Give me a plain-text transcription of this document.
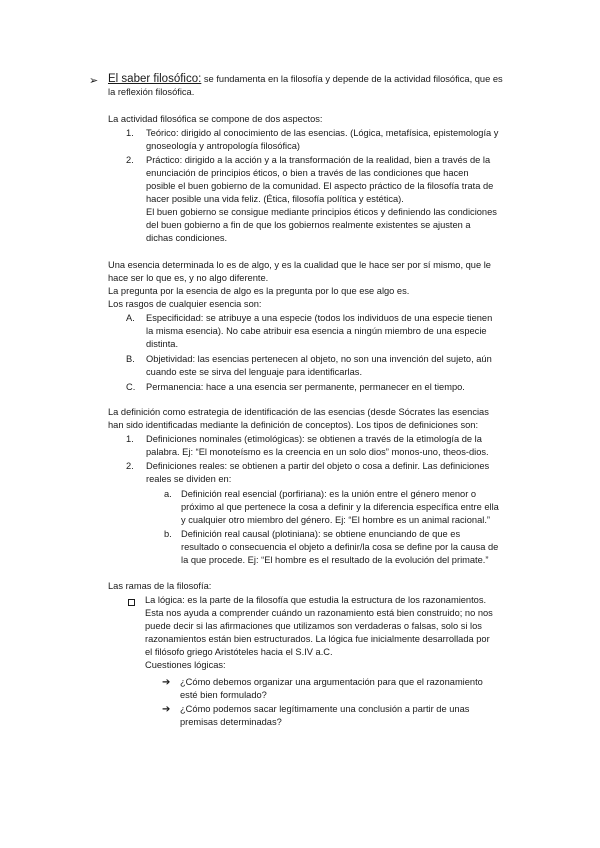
➢ El saber filosófico: se fundamenta en la filosofía y depende de la actividad filosófica, que es

la reflexión filosófica.

La actividad filosófica se compone de dos aspectos:

1. Teórico: dirigido al conocimiento de las esencias. (Lógica, metafísica, epistemología y

gnoseología y antropología filosófica)

2. Práctico: dirigido a la acción y a la transformación de la realidad, bien a través de la

enunciación de principios éticos, o bien a través de las condiciones que hacen

posible el buen gobierno de la comunidad. El aspecto práctico de la filosofía trata de

hacer posible una vida feliz. (Ética, filosofía política y estética).

El buen gobierno se consigue mediante principios éticos y definiendo las condiciones

del buen gobierno a fin de que los gobiernos realmente existentes se ajusten a

dichas condiciones.

Una esencia determinada lo es de algo, y es la cualidad que le hace ser por sí mismo, que le

hace ser lo que es, y no algo diferente.

La pregunta por la esencia de algo es la pregunta por lo que ese algo es.

Los rasgos de cualquier esencia son:

A. Especificidad: se atribuye a una especie (todos los individuos de una especie tienen

la misma esencia). No cabe atribuir esa esencia a ningún miembro de una especie

distinta.

B. Objetividad: las esencias pertenecen al objeto, no son una invención del sujeto, aún

cuando este se sirva del lenguaje para identificarlas.

C. Permanencia: hace a una esencia ser permanente, permanecer en el tiempo.

La definición como estrategia de identificación de las esencias (desde Sócrates las esencias

han sido identificadas mediante la definición de conceptos). Los tipos de definiciones son:

1. Definiciones nominales (etimológicas): se obtienen a través de la etimología de la

palabra. Ej: “El monoteísmo es la creencia en un solo dios” monos-uno, theos-dios.

2. Definiciones reales: se obtienen a partir del objeto o cosa a definir. Las definiciones

reales se dividen en:

a. Definición real esencial (porfiriana): es la unión entre el género menor o

próximo al que pertenece la cosa a definir y la diferencia específica entre ella

y cualquier otro miembro del género. Ej: “El hombre es un animal racional.”

b. Definición real causal (plotiniana): se obtiene enunciando de que es

resultado o consecuencia el objeto a definir/la cosa se define por la causa de

la que procede. Ej: “El hombre es el resultado de la evolución del primate.”

Las ramas de la filosofía:

La lógica: es la parte de la filosofía que estudia la estructura de los razonamientos.

Esta nos ayuda a comprender cuándo un razonamiento está bien construido; no nos

puede decir si las afirmaciones que utilizamos son verdaderas o falsas, solo si los

razonamientos están bien estructurados. La lógica fue inicialmente desarrollada por

el filósofo griego Aristóteles hacia el S.IV a.C.

Cuestiones lógicas:

➔ ¿Cómo debemos organizar una argumentación para que el razonamiento

esté bien formulado?

➔ ¿Cómo podemos sacar legítimamente una conclusión a partir de unas

premisas determinadas?
